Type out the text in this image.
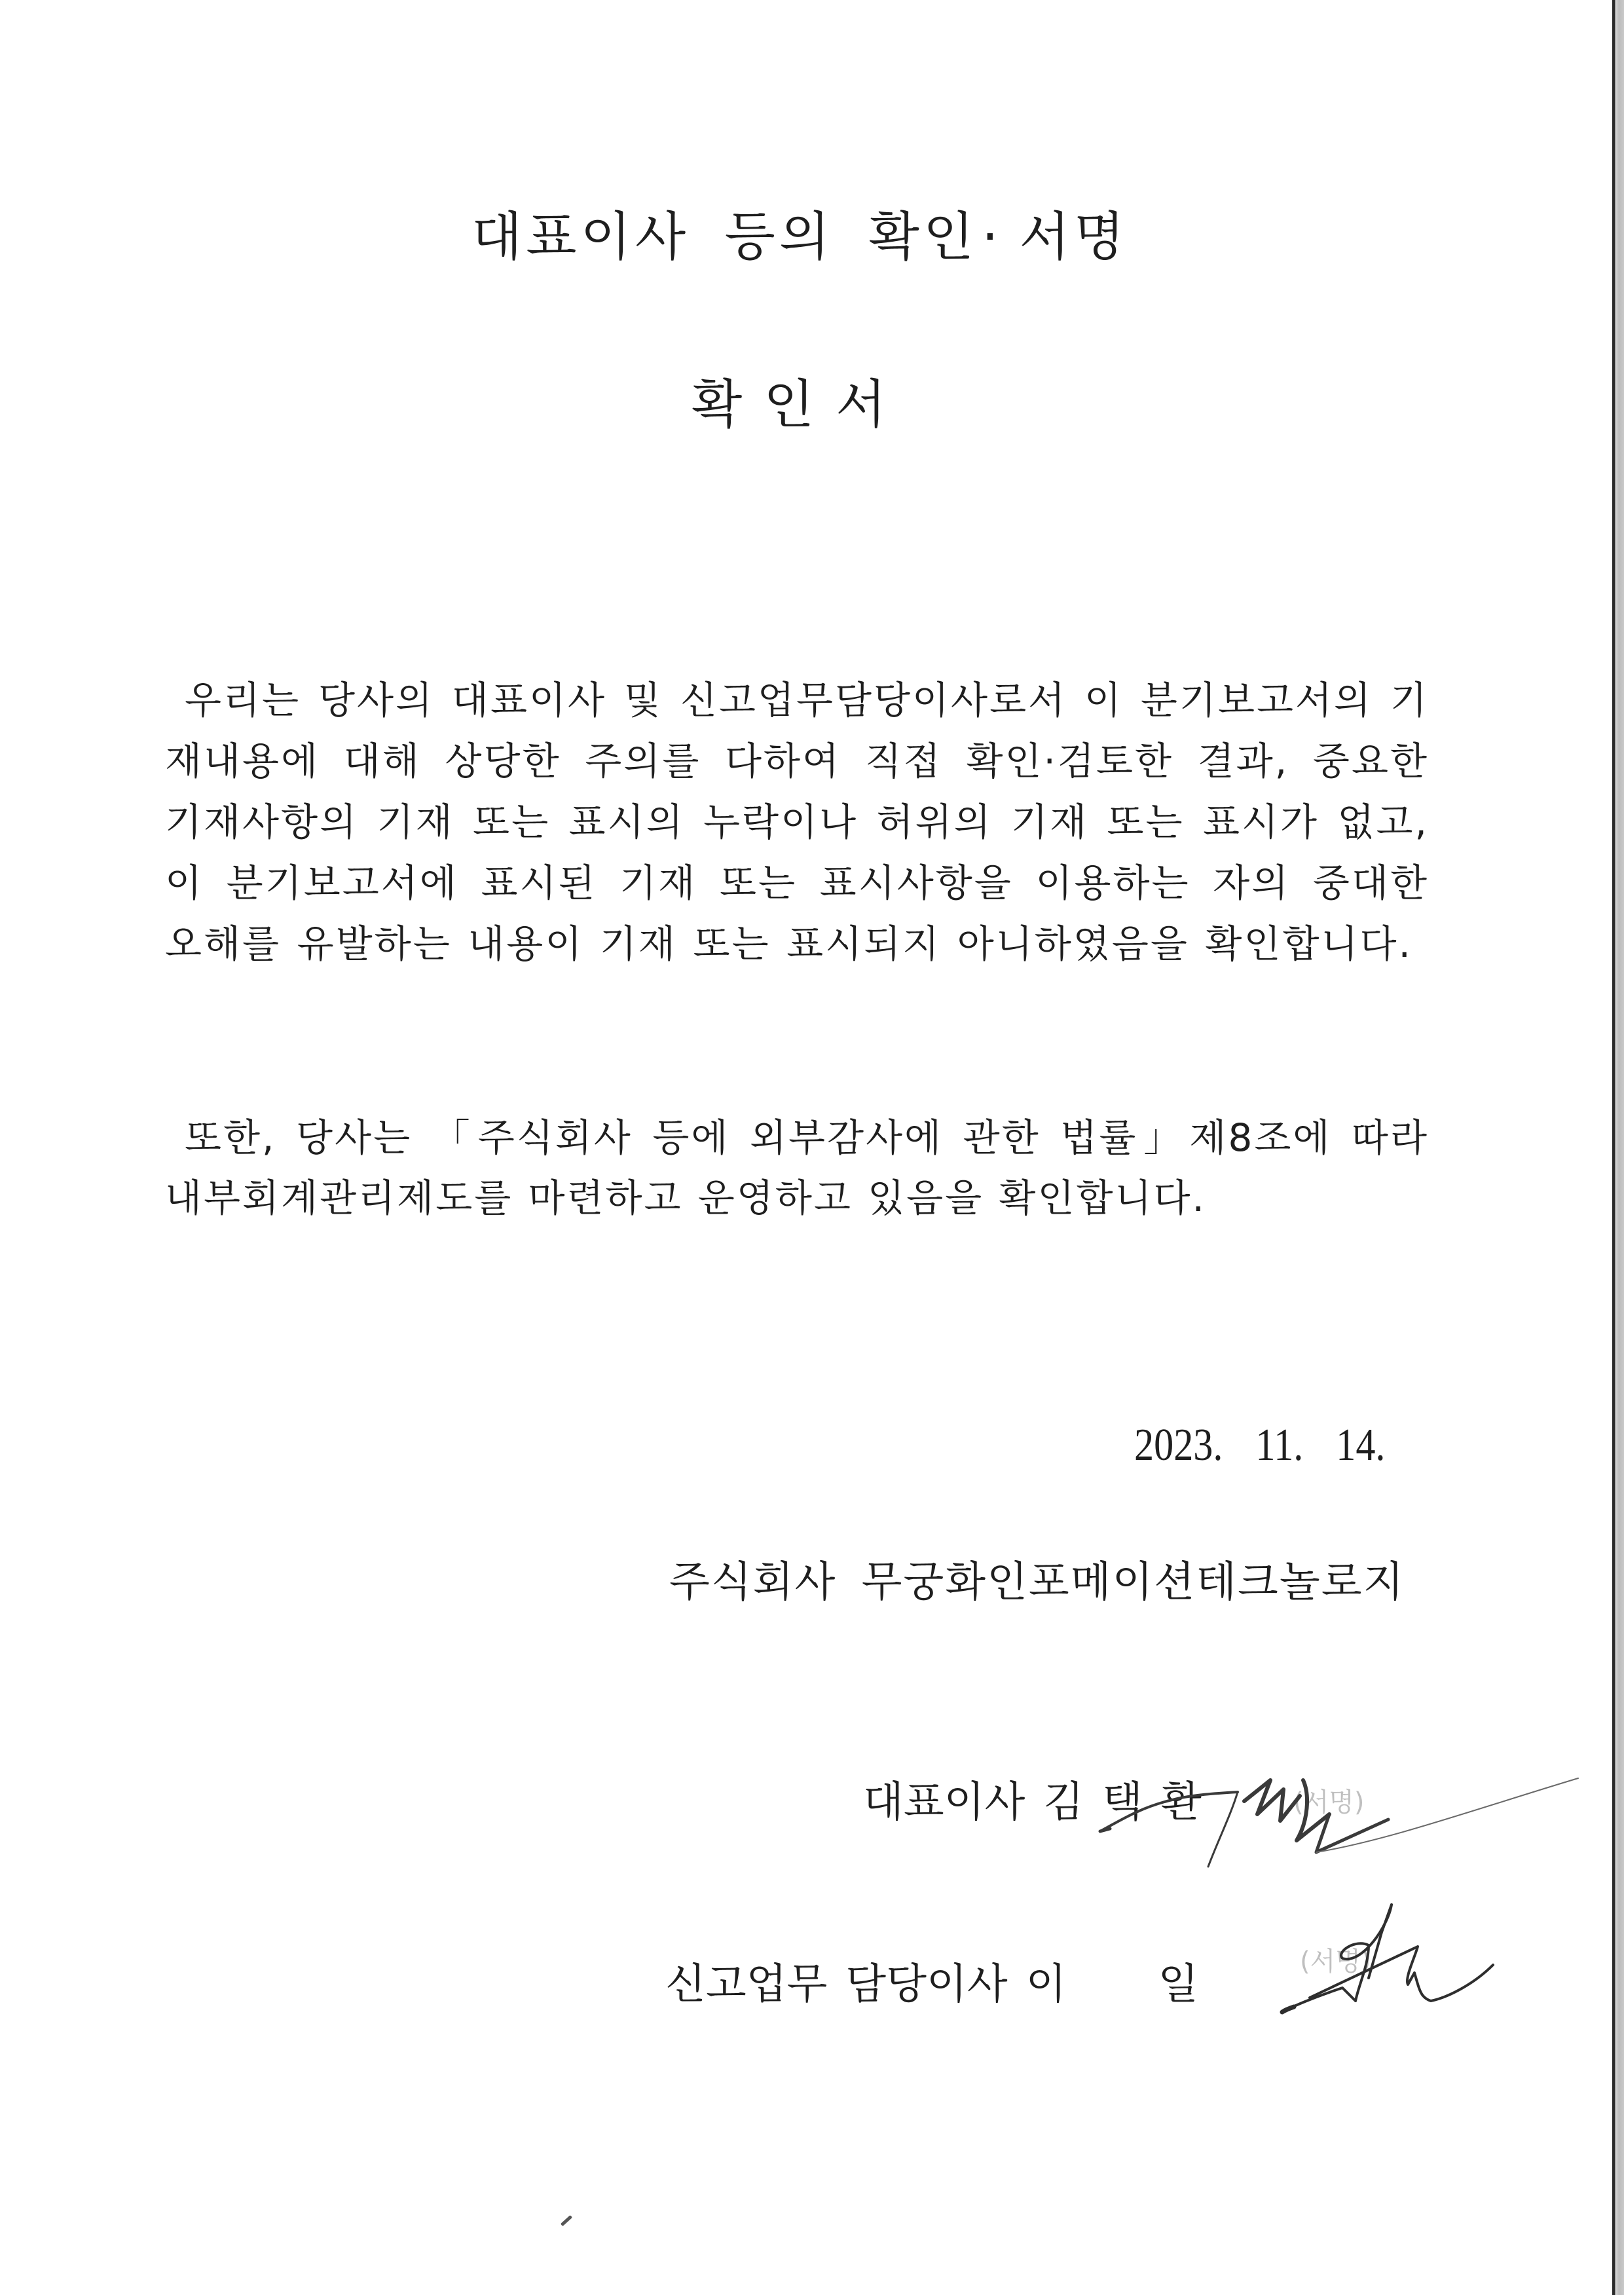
대표이사 등의 확인· 서명
확 인 서
우리는 당사의 대표이사 및 신고업무담당이사로서 이 분기보고서의 기
재내용에 대해 상당한 주의를 다하여 직접 확인·검토한 결과, 중요한
기재사항의 기재 또는 표시의 누락이나 허위의 기재 또는 표시가 없고,
이 분기보고서에 표시된 기재 또는 표시사항을 이용하는 자의 중대한
오해를 유발하는 내용이 기재 또는 표시되지 아니하였음을 확인합니다.
또한, 당사는 「주식회사 등에 외부감사에 관한 법률」제8조에 따라
내부회계관리제도를 마련하고 운영하고 있음을 확인합니다.
2023. 11. 14.
주식회사 무궁화인포메이션테크놀로지
대표이사 김 택 환	(서명)
신고업무 담당이사 이 일	(서명)
